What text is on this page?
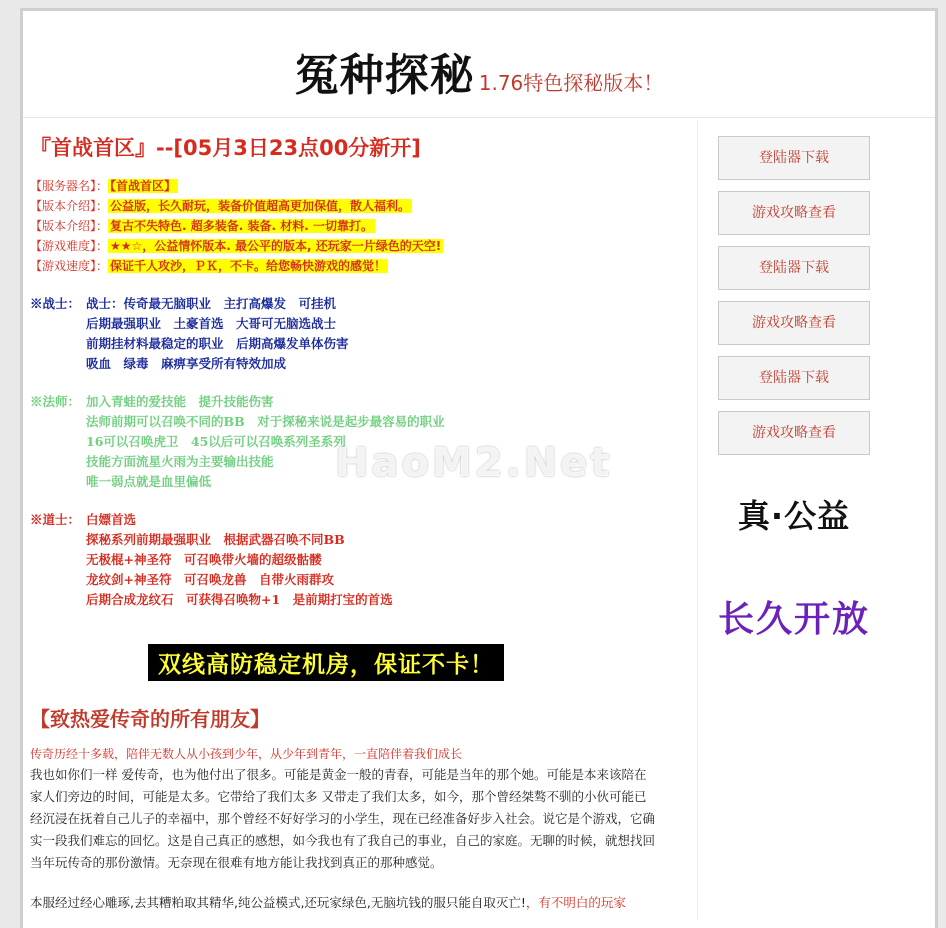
冤种探秘 1.76特色探秘版本！
『首战首区』--[05月3日23点00分新开]
【服务器名】： 【首战首区】
【版本介绍】： 公益版，长久耐玩，装备价值超高更加保值，散人福利。
【版本介绍】： 复古不失特色. 超多装备. 装备. 材料. 一切靠打。
【游戏难度】： ★★☆，公益情怀版本. 最公平的版本, 还玩家一片绿色的天空!
【游戏速度】： 保证千人攻沙，ＰＫ，不卡。给您畅快游戏的感觉！
※战士： 战士：传奇最无脑职业　主打高爆发　可挂机
后期最强职业　土豪首选　大哥可无脑选战士
前期挂材料最稳定的职业　后期高爆发单体伤害
吸血　绿毒　麻痹享受所有特效加成
※法师： 加入青蛙的爱技能　提升技能伤害
法师前期可以召唤不同的BB　对于探秘来说是起步最容易的职业
16可以召唤虎卫　45以后可以召唤系列圣系列
技能方面流星火雨为主要输出技能
唯一弱点就是血里偏低
※道士： 白嫖首选
探秘系列前期最强职业　根据武器召唤不同BB
无极棍+神圣符　可召唤带火墙的超级骷髅
龙纹剑+神圣符　可召唤龙兽　自带火雨群攻
后期合成龙纹石　可获得召唤物+1　是前期打宝的首选
双线高防稳定机房，保证不卡！
【致热爱传奇的所有朋友】
传奇历经十多载，陪伴无数人从小孩到少年，从少年到青年，一直陪伴着我们成长
我也如你们一样 爱传奇，也为他付出了很多。可能是黄金一般的青春，可能是当年的那个她。可能是本来该陪在家人们旁边的时间，可能是太多。它带给了我们太多 又带走了我们太多，如今，那个曾经桀骜不驯的小伙可能已经沉浸在抚着自己儿子的幸福中，那个曾经不好好学习的小学生，现在已经准备好步入社会。说它是个游戏，它确实一段我们难忘的回忆。这是自己真正的感想，如今我也有了我自己的事业，自己的家庭。无聊的时候，就想找回当年玩传奇的那份激情。无奈现在很难有地方能让我找到真正的那种感觉。
本服经过经心雕琢,去其糟粕取其精华,纯公益模式,还玩家绿色,无脑坑钱的服只能自取灭亡!，有不明白的玩家
登陆器下载
游戏攻略查看
登陆器下载
游戏攻略查看
登陆器下载
游戏攻略查看
真·公益
长久开放
HaoM2.Net
